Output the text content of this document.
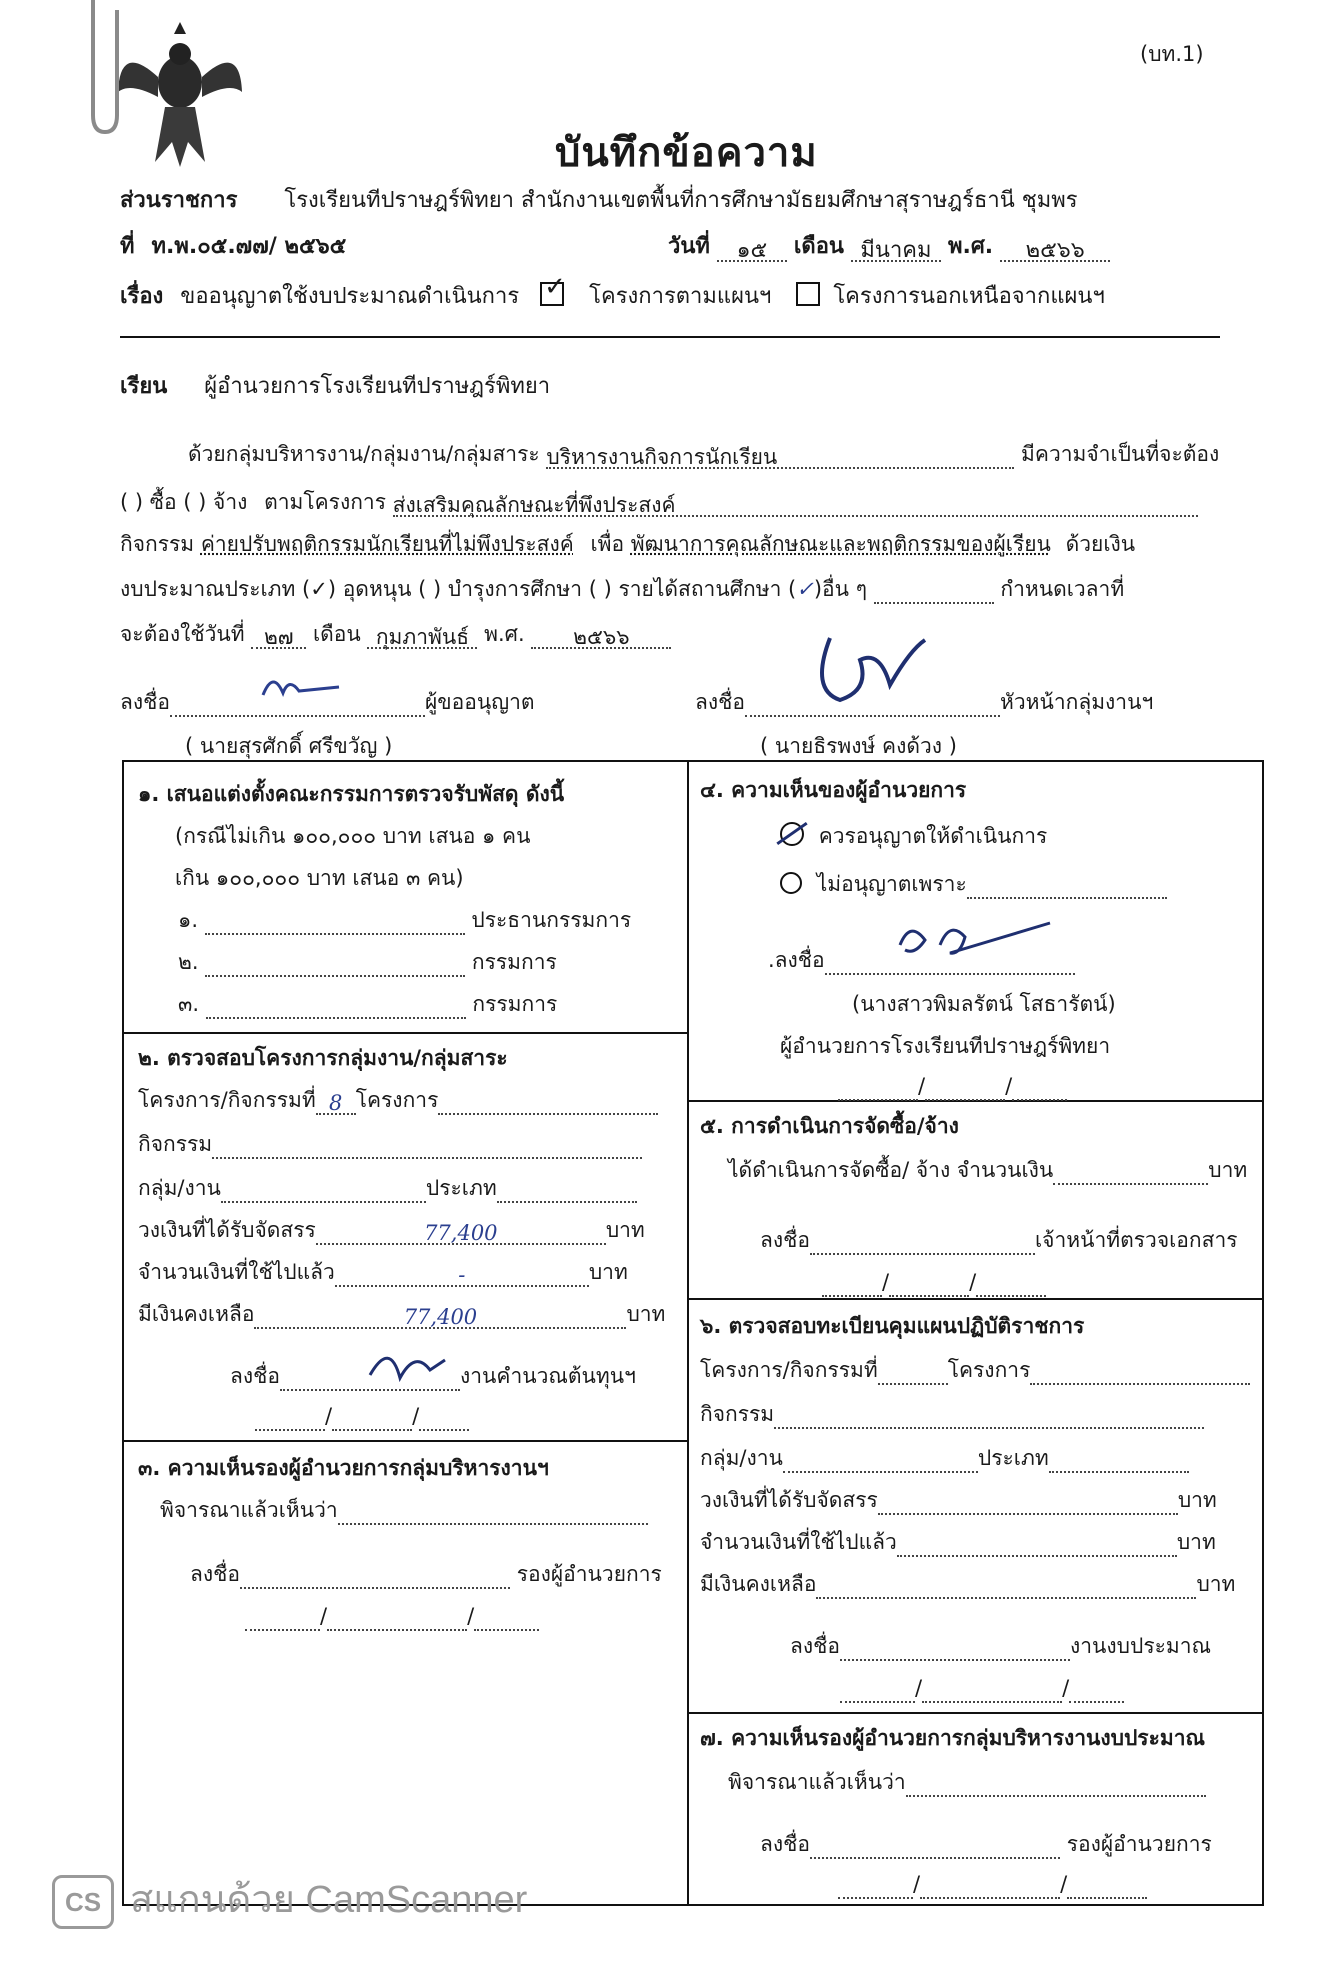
(บท.1)
บันทึกข้อความ
ส่วนราชการ โรงเรียนทีปราษฎร์พิทยา สำนักงานเขตพื้นที่การศึกษามัธยมศึกษาสุราษฎร์ธานี ชุมพร
ที่ ท.พ.๐๕.๗๗/ ๒๕๖๕	วันที่ ๑๕ เดือน มีนาคม พ.ศ. ๒๕๖๖
เรื่อง ขออนุญาตใช้งบประมาณดำเนินการ ✓ โครงการตามแผนฯ	โครงการนอกเหนือจากแผนฯ
เรียน ผู้อำนวยการโรงเรียนทีปราษฎร์พิทยา
ด้วยกลุ่มบริหารงาน/กลุ่มงาน/กลุ่มสาระ บริหารงานกิจการนักเรียน	มีความจำเป็นที่จะต้อง
( ) ซื้อ ( ) จ้าง ตามโครงการ ส่งเสริมคุณลักษณะที่พึงประสงค์
กิจกรรม ค่ายปรับพฤติกรรมนักเรียนที่ไม่พึงประสงค์ เพื่อ พัฒนาการคุณลักษณะและพฤติกรรมของผู้เรียน ด้วยเงิน
งบประมาณประเภท (✓) อุดหนุน ( ) บำรุงการศึกษา ( ) รายได้สถานศึกษา (✓)อื่น ๆ	กำหนดเวลาที่
จะต้องใช้วันที่ ๒๗ เดือน กุมภาพันธ์ พ.ศ. ๒๕๖๖
ลงชื่อ	ผู้ขออนุญาต
( นายสุรศักดิ์ ศรีขวัญ )
ลงชื่อ	หัวหน้ากลุ่มงานฯ
( นายธิรพงษ์ คงด้วง )
๑. เสนอแต่งตั้งคณะกรรมการตรวจรับพัสดุ ดังนี้
(กรณีไม่เกิน ๑๐๐,๐๐๐ บาท เสนอ ๑ คน
เกิน ๑๐๐,๐๐๐ บาท เสนอ ๓ คน)
๑.	ประธานกรรมการ
๒.	กรรมการ
๓.	กรรมการ
๒. ตรวจสอบโครงการกลุ่มงาน/กลุ่มสาระ
โครงการ/กิจกรรมที่ 8 โครงการ
กิจกรรม
กลุ่ม/งาน	ประเภท
วงเงินที่ได้รับจัดสรร	77,400	บาท
จำนวนเงินที่ใช้ไปแล้ว	-	บาท
มีเงินคงเหลือ	77,400	บาท
ลงชื่อ	งานคำนวณต้นทุนฯ
/	/
๓. ความเห็นรองผู้อำนวยการกลุ่มบริหารงานฯ
พิจารณาแล้วเห็นว่า
ลงชื่อ	รองผู้อำนวยการ
/	/
๔. ความเห็นของผู้อำนวยการ
ควรอนุญาตให้ดำเนินการ
ไม่อนุญาตเพราะ
.ลงชื่อ
(นางสาวพิมลรัตน์ โสธารัตน์)
ผู้อำนวยการโรงเรียนทีปราษฎร์พิทยา
/	/
๕. การดำเนินการจัดซื้อ/จ้าง
ได้ดำเนินการจัดซื้อ/ จ้าง จำนวนเงิน	บาท
ลงชื่อ	เจ้าหน้าที่ตรวจเอกสาร
/	/
๖. ตรวจสอบทะเบียนคุมแผนปฏิบัติราชการ
โครงการ/กิจกรรมที่	โครงการ
กิจกรรม
กลุ่ม/งาน	ประเภท
วงเงินที่ได้รับจัดสรร	บาท
จำนวนเงินที่ใช้ไปแล้ว	บาท
มีเงินคงเหลือ	บาท
ลงชื่อ	งานงบประมาณ
/	/
๗. ความเห็นรองผู้อำนวยการกลุ่มบริหารงานงบประมาณ
พิจารณาแล้วเห็นว่า
ลงชื่อ	รองผู้อำนวยการ
/	/
CS สแกนด้วย CamScanner
